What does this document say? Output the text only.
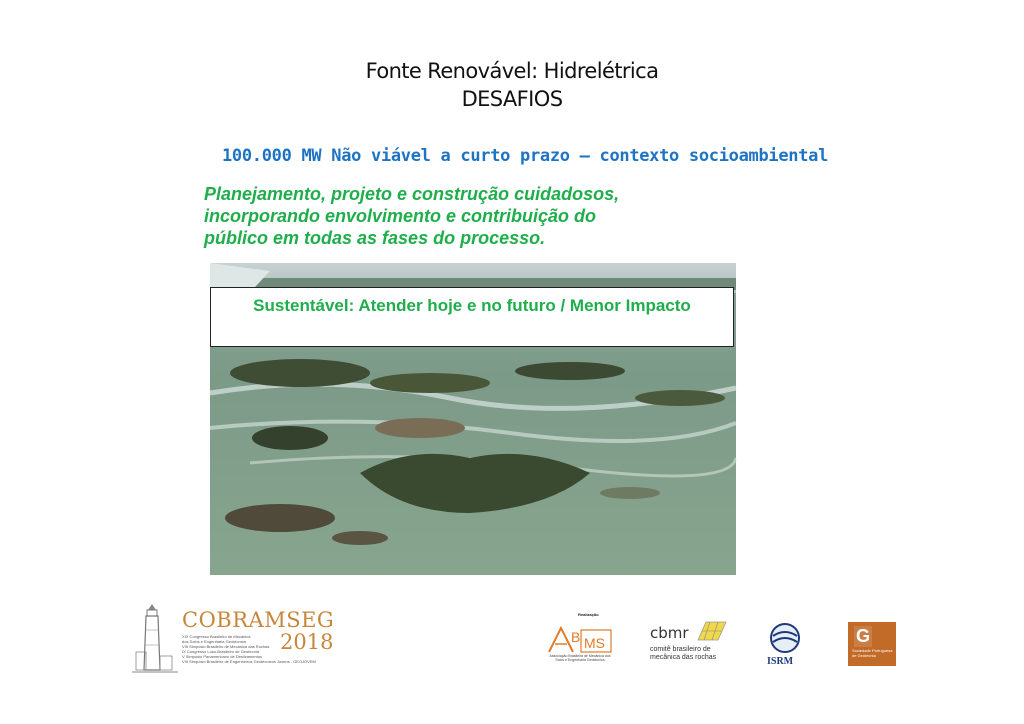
Fonte Renovável: Hidrelétrica
DESAFIOS
100.000 MW Não viável a curto prazo – contexto socioambiental
Planejamento, projeto e construção cuidadosos,
incorporando envolvimento e contribuição do
público em todas as fases do processo.
Sustentável: Atender hoje e no futuro / Menor Impacto
COBRAMSEG
2018
XIX Congresso Brasileiro de Mecânica
dos Solos e Engenharia Geotécnica
VIII Simpósio Brasileiro de Mecânica das Rochas
IX Congresso Luso-Brasileiro de Geotecnia
V Simpósio Panamericano de Deslizamentos
VIII Simpósio Brasileiro de Engenheiros Geotécnicos Jovens - GEOJOVEM
Realização
B MS
Associação Brasileira de Mecânica dos Solos e Engenharia Geotécnica
cbmr
comitê brasileiro de mecânica das rochas	ISRM
G
Sociedade Portuguesa de Geotecnia
